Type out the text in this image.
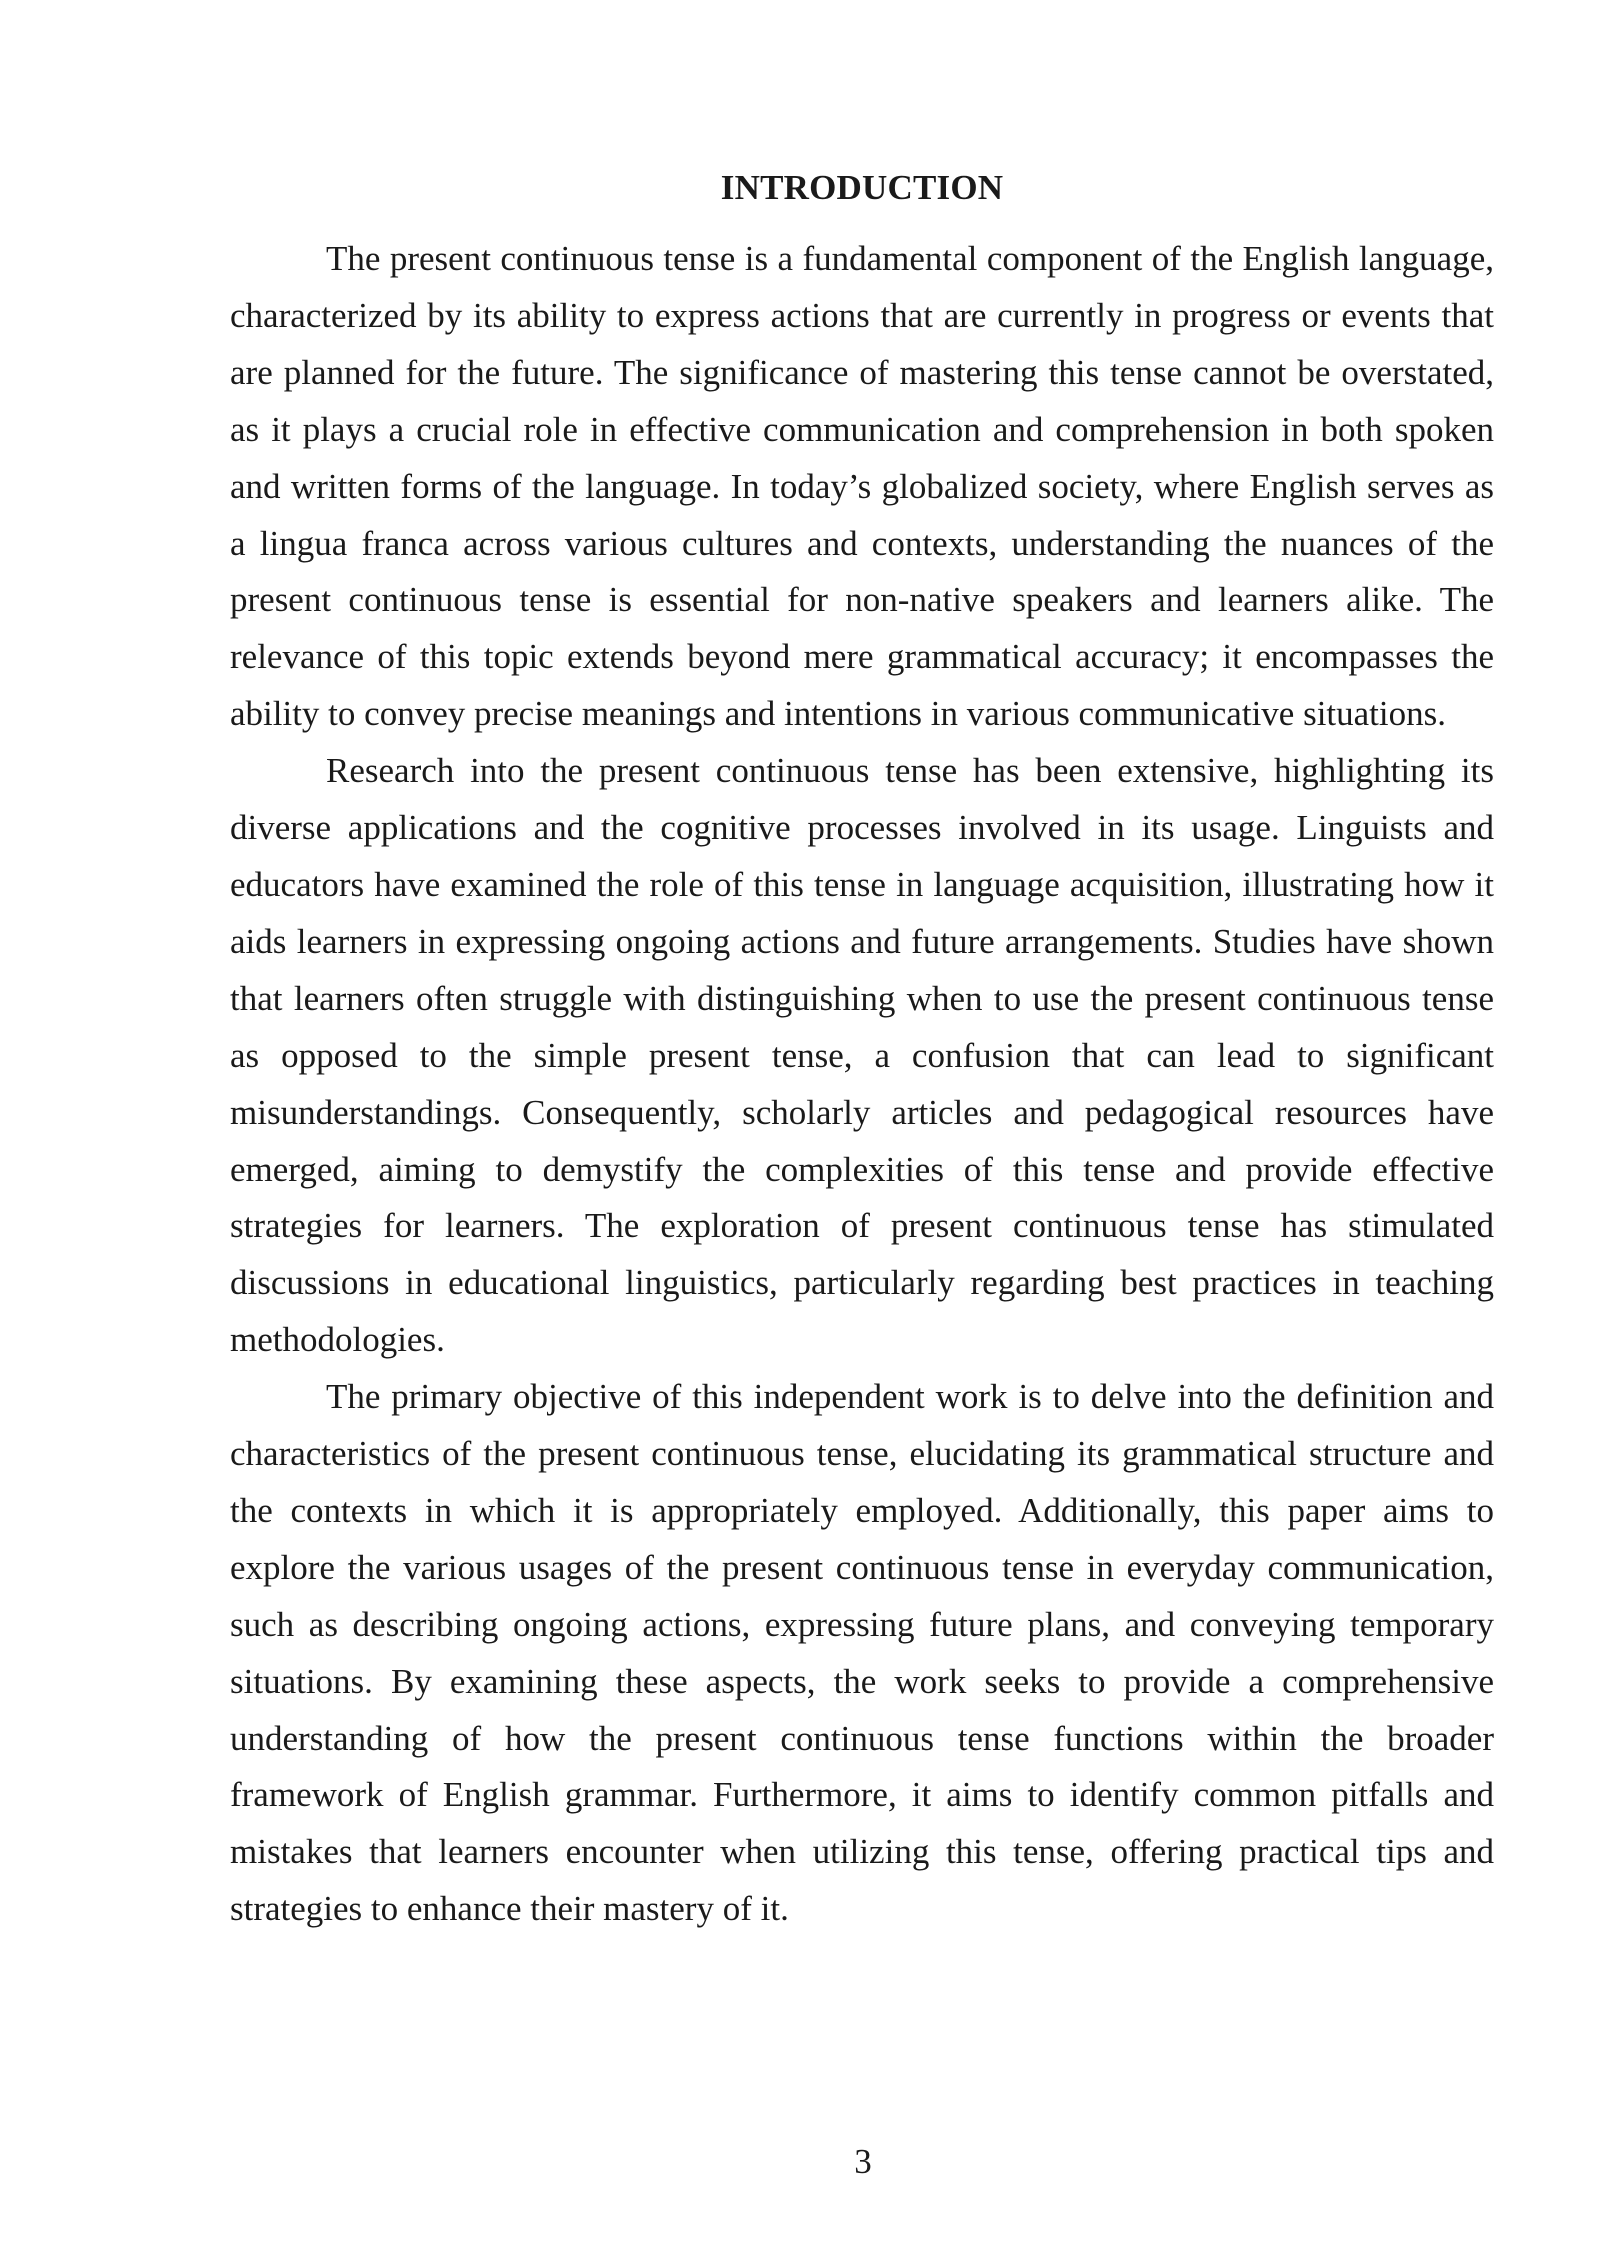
INTRODUCTION

The present continuous tense is a fundamental component of the English language, characterized by its ability to express actions that are currently in progress or events that are planned for the future. The significance of mastering this tense cannot be overstated, as it plays a crucial role in effective communication and comprehension in both spoken and written forms of the language. In today’s globalized society, where English serves as a lingua franca across various cultures and contexts, understanding the nuances of the present continuous tense is essential for non-native speakers and learners alike. The relevance of this topic extends beyond mere grammatical accuracy; it encompasses the ability to convey precise meanings and intentions in various communicative situations.

Research into the present continuous tense has been extensive, highlighting its diverse applications and the cognitive processes involved in its usage. Linguists and educators have examined the role of this tense in language acquisition, illustrating how it aids learners in expressing ongoing actions and future arrangements. Studies have shown that learners often struggle with distinguishing when to use the present continuous tense as opposed to the simple present tense, a confusion that can lead to significant misunderstandings. Consequently, scholarly articles and pedagogical resources have emerged, aiming to demystify the complexities of this tense and provide effective strategies for learners. The exploration of present continuous tense has stimulated discussions in educational linguistics, particularly regarding best practices in teaching methodologies.

The primary objective of this independent work is to delve into the definition and characteristics of the present continuous tense, elucidating its grammatical structure and the contexts in which it is appropriately employed. Additionally, this paper aims to explore the various usages of the present continuous tense in everyday communication, such as describing ongoing actions, expressing future plans, and conveying temporary situations. By examining these aspects, the work seeks to provide a comprehensive understanding of how the present continuous tense functions within the broader framework of English grammar. Furthermore, it aims to identify common pitfalls and mistakes that learners encounter when utilizing this tense, offering practical tips and strategies to enhance their mastery of it.

3
